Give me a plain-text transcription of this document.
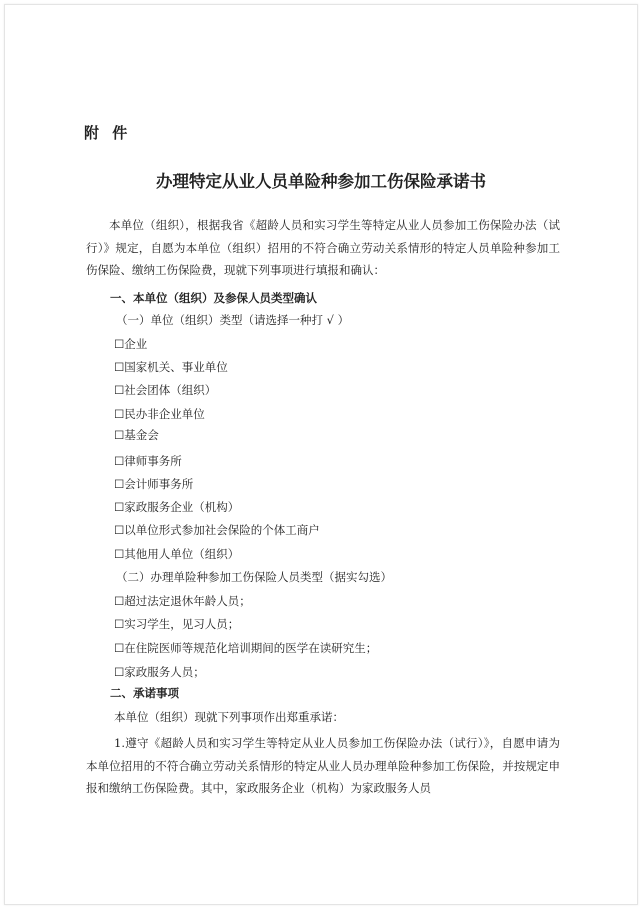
附 件
办理特定从业人员单险种参加工伤保险承诺书
本单位（组织），根据我省《超龄人员和实习学生等特定从业人员参加工伤保险办法（试行）》规定，自愿为本单位（组织）招用的不符合确立劳动关系情形的特定人员单险种参加工伤保险、缴纳工伤保险费，现就下列事项进行填报和确认：
一、本单位（组织）及参保人员类型确认
（一）单位（组织）类型（请选择一种打 √ ）
☐企业
☐国家机关、事业单位
☐社会团体（组织）
☐民办非企业单位
☐基金会
☐律师事务所
☐会计师事务所
☐家政服务企业（机构）
☐以单位形式参加社会保险的个体工商户
☐其他用人单位（组织）
（二）办理单险种参加工伤保险人员类型（据实勾选）
☐超过法定退休年龄人员；
☐实习学生，见习人员；
☐在住院医师等规范化培训期间的医学在读研究生；
☐家政服务人员；
二、承诺事项
本单位（组织）现就下列事项作出郑重承诺：
1.遵守《超龄人员和实习学生等特定从业人员参加工伤保险办法（试行）》，自愿申请为本单位招用的不符合确立劳动关系情形的特定从业人员办理单险种参加工伤保险，并按规定申报和缴纳工伤保险费。其中，家政服务企业（机构）为家政服务人员
